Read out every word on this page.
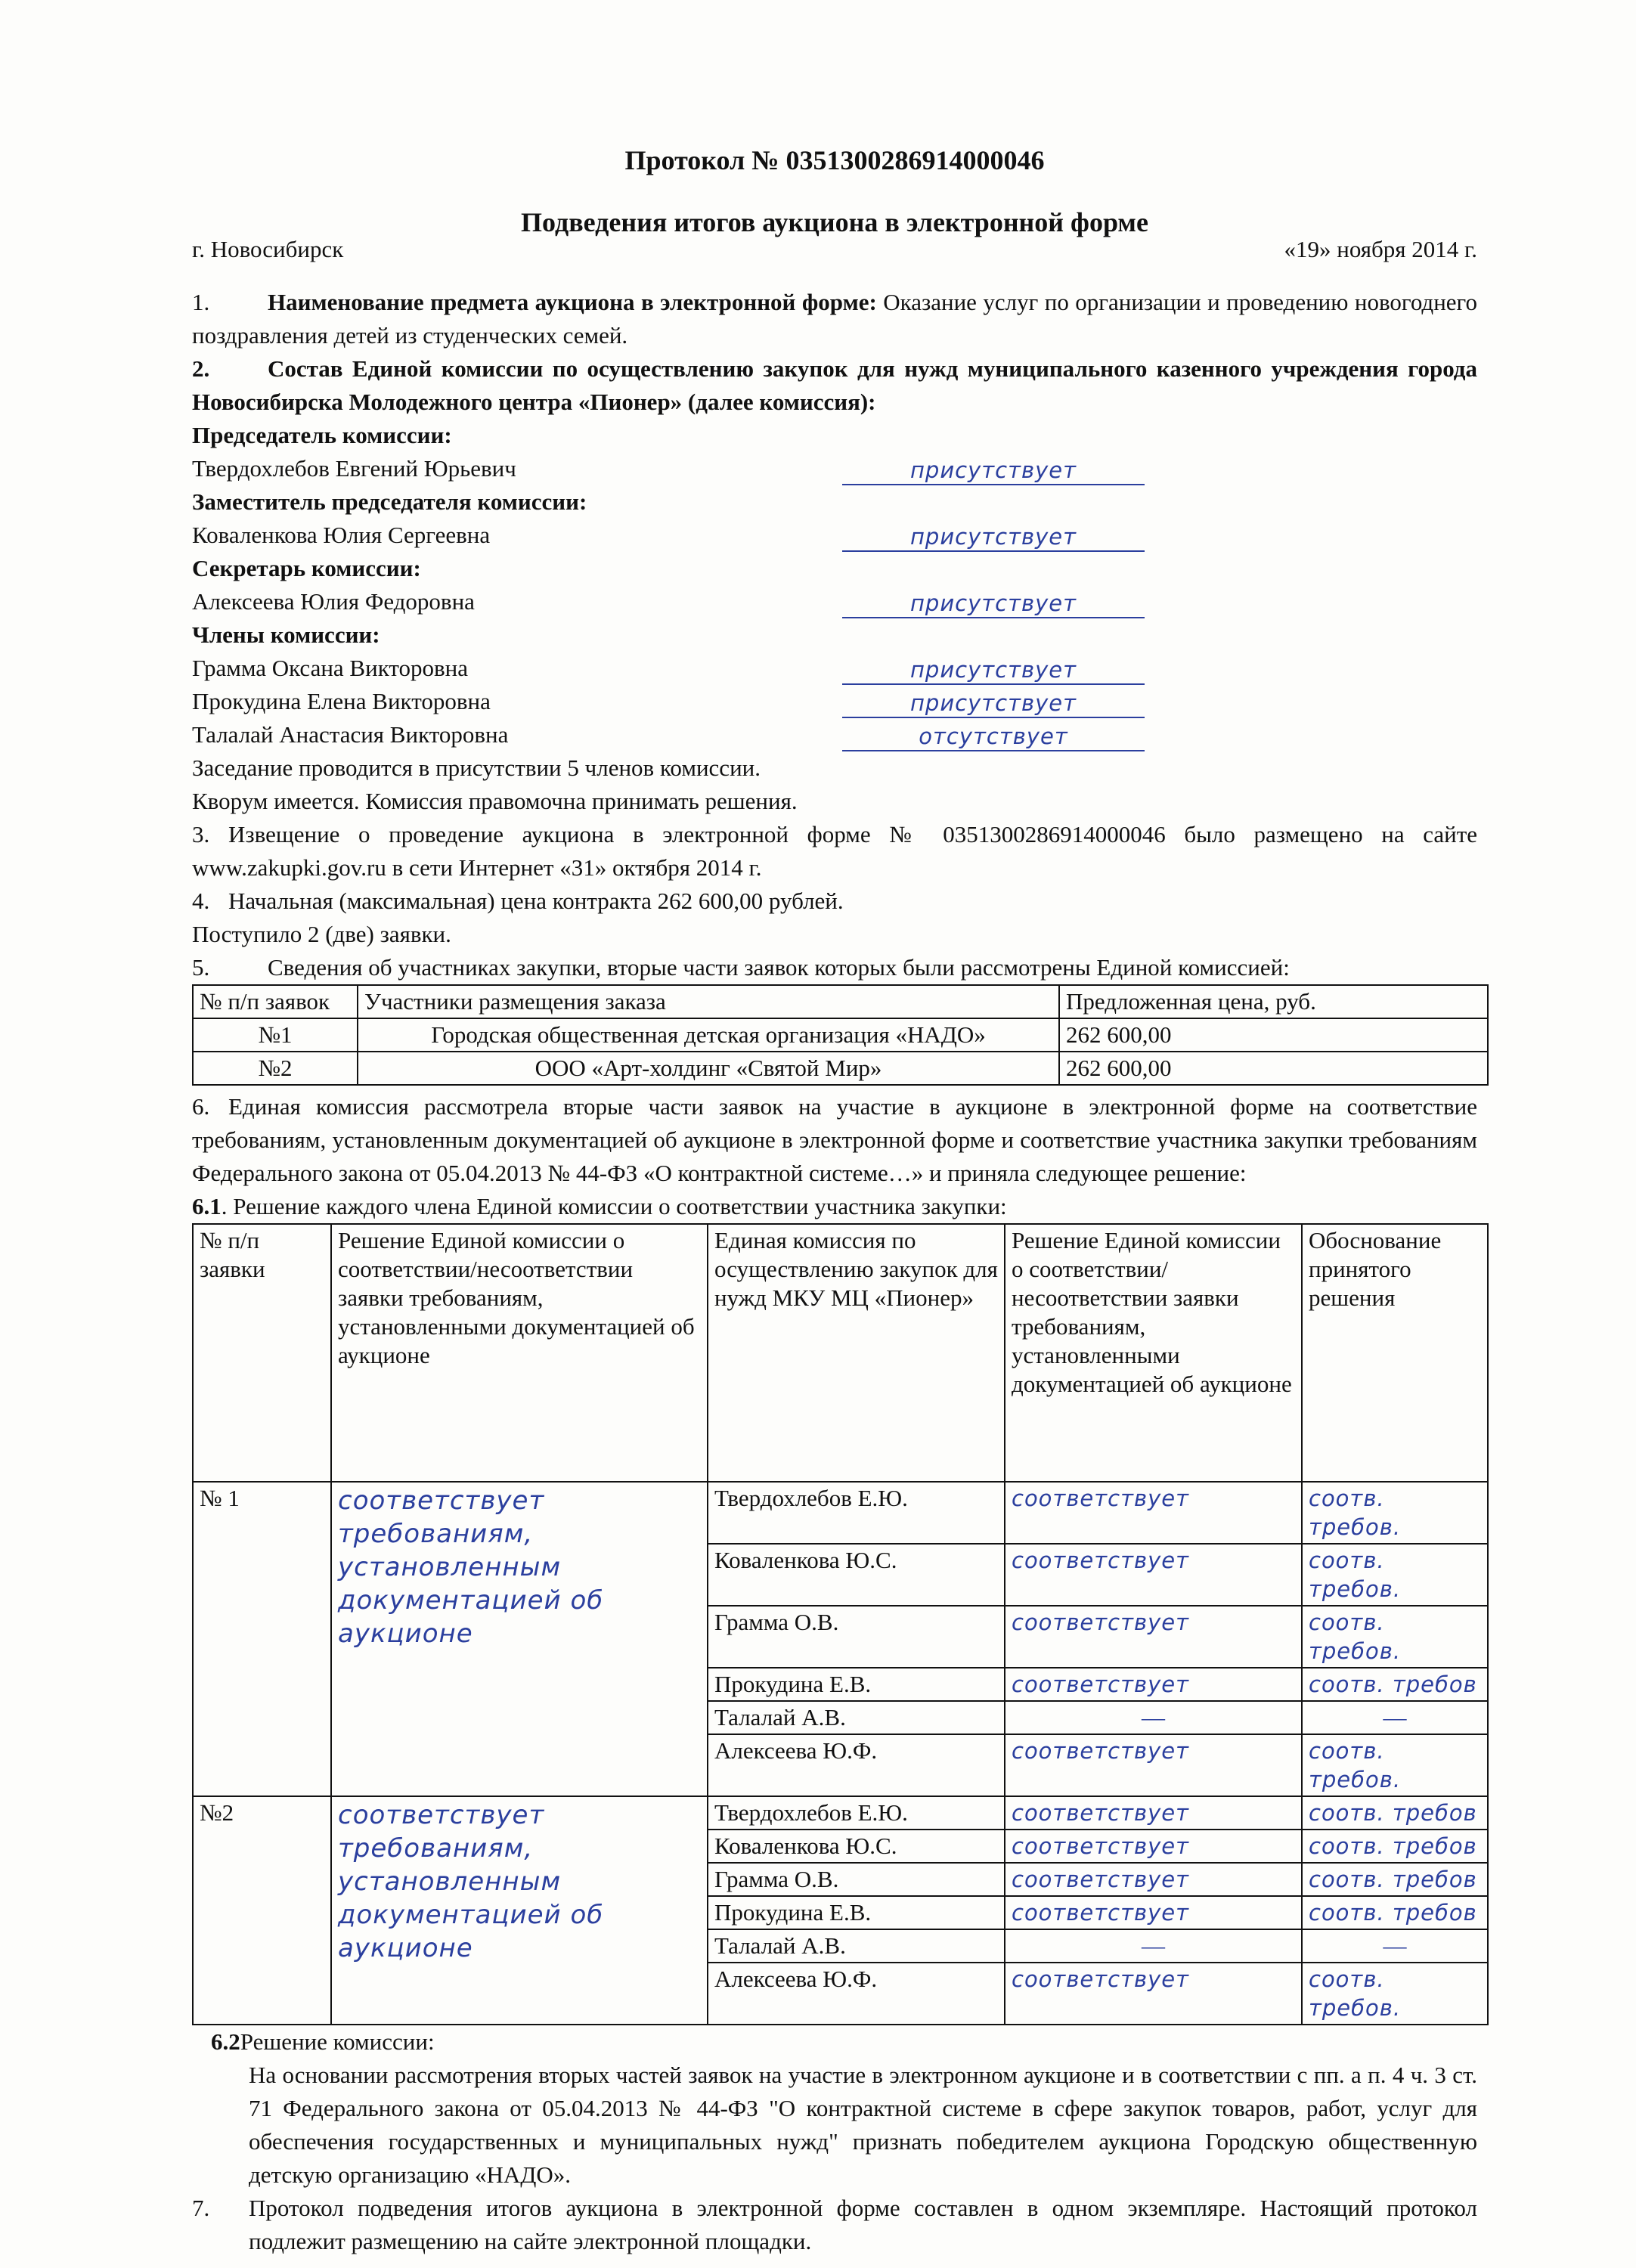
Протокол № 0351300286914000046
Подведения итогов аукциона в электронной форме
г. Новосибирск	«19» ноября 2014 г.
1. Наименование предмета аукциона в электронной форме: Оказание услуг по организации и проведению новогоднего поздравления детей из студенческих семей.
2. Состав Единой комиссии по осуществлению закупок для нужд муниципального казенного учреждения города Новосибирска Молодежного центра «Пионер» (далее комиссия):
Председатель комиссии:
Твердохлебов Евгений Юрьевич	присутствует
Заместитель председателя комиссии:
Коваленкова Юлия Сергеевна	присутствует
Секретарь комиссии:
Алексеева Юлия Федоровна	присутствует
Члены комиссии:
Грамма Оксана Викторовна	присутствует
Прокудина Елена Викторовна	присутствует
Талалай Анастасия Викторовна	отсутствует
Заседание проводится в присутствии 5 членов комиссии.
Кворум имеется. Комиссия правомочна принимать решения.
3. Извещение о проведение аукциона в электронной форме № 0351300286914000046 было размещено на сайте www.zakupki.gov.ru в сети Интернет «31» октября 2014 г.
4. Начальная (максимальная) цена контракта 262 600,00 рублей.
Поступило 2 (две) заявки.
5. Сведения об участниках закупки, вторые части заявок которых были рассмотрены Единой комиссией:
№ п/п заявок	Участники размещения заказа	Предложенная цена, руб.
№1	Городская общественная детская организация «НАДО»	262 600,00
№2	ООО «Арт-холдинг «Святой Мир»	262 600,00
6. Единая комиссия рассмотрела вторые части заявок на участие в аукционе в электронной форме на соответствие требованиям, установленным документацией об аукционе в электронной форме и соответствие участника закупки требованиям Федерального закона от 05.04.2013 № 44-ФЗ «О контрактной системе…» и приняла следующее решение:
6.1. Решение каждого члена Единой комиссии о соответствии участника закупки:
№ п/п заявки	Решение Единой комиссии о соответствии/несоответствии заявки требованиям, установленными документацией об аукционе	Единая комиссия по осуществлению закупок для нужд МКУ МЦ «Пионер»	Решение Единой комиссии о соответствии/несоответствии заявки требованиям, установленными документацией об аукционе	Обоснование принятого решения
№ 1	соответствует требованиям, установленным документацией об аукционе	Твердохлебов Е.Ю.	соответствует	соотв. требов.
		Коваленкова Ю.С.	соответствует	соотв. требов.
		Грамма О.В.	соответствует	соотв. требов.
		Прокудина Е.В.	соответствует	соотв. требов
		Талалай А.В.	—	—
		Алексеева Ю.Ф.	соответствует	соотв. требов.
№2	соответствует требованиям, установленным документацией об аукционе	Твердохлебов Е.Ю.	соответствует	соотв. требов
		Коваленкова Ю.С.	соответствует	соотв. требов
		Грамма О.В.	соответствует	соотв. требов
		Прокудина Е.В.	соответствует	соотв. требов
		Талалай А.В.	—	—
		Алексеева Ю.Ф.	соответствует	соотв. требов.
6.2Решение комиссии:
На основании рассмотрения вторых частей заявок на участие в электронном аукционе и в соответствии с пп. а п. 4 ч. 3 ст. 71 Федерального закона от 05.04.2013 № 44-ФЗ "О контрактной системе в сфере закупок товаров, работ, услуг для обеспечения государственных и муниципальных нужд" признать победителем аукциона Городскую общественную детскую организацию «НАДО».
7.	Протокол подведения итогов аукциона в электронной форме составлен в одном экземпляре. Настоящий протокол подлежит размещению на сайте электронной площадки.
